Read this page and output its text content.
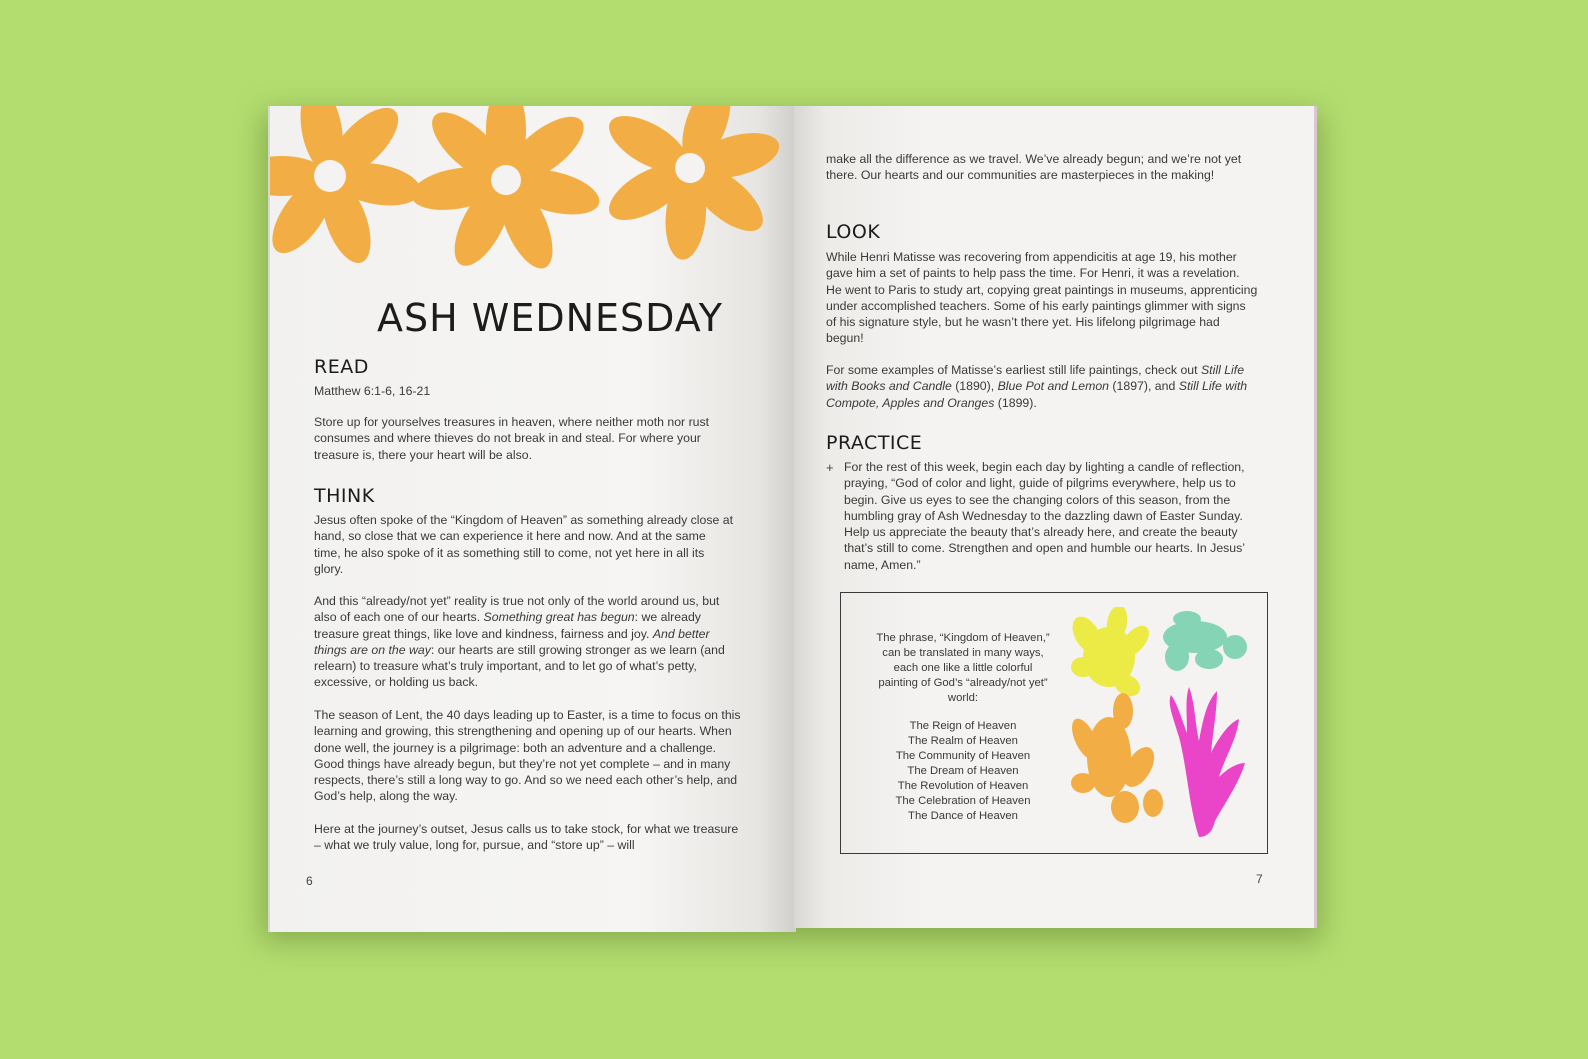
ASH WEDNESDAY
READ

Matthew 6:1-6, 16-21

Store up for yourselves treasures in heaven, where neither moth nor rust consumes and where thieves do not break in and steal. For where your treasure is, there your heart will be also.

THINK

Jesus often spoke of the “Kingdom of Heaven” as something already close at hand, so close that we can experience it here and now. And at the same time, he also spoke of it as something still to come, not yet here in all its glory.

And this “already/not yet” reality is true not only of the world around us, but also of each one of our hearts. Something great has begun: we already treasure great things, like love and kindness, fairness and joy. And better things are on the way: our hearts are still growing stronger as we learn (and relearn) to treasure what’s truly important, and to let go of what’s petty, excessive, or holding us back.

The season of Lent, the 40 days leading up to Easter, is a time to focus on this learning and growing, this strengthening and opening up of our hearts. When done well, the journey is a pilgrimage: both an adventure and a challenge. Good things have already begun, but they’re not yet complete – and in many respects, there’s still a long way to go. And so we need each other’s help, and God’s help, along the way.

Here at the journey’s outset, Jesus calls us to take stock, for what we treasure – what we truly value, long for, pursue, and “store up” – will

6

make all the difference as we travel. We’ve already begun; and we’re not yet there. Our hearts and our communities are masterpieces in the making!

LOOK

While Henri Matisse was recovering from appendicitis at age 19, his mother gave him a set of paints to help pass the time. For Henri, it was a revelation. He went to Paris to study art, copying great paintings in museums, apprenticing under accomplished teachers. Some of his early paintings glimmer with signs of his signature style, but he wasn’t there yet. His lifelong pilgrimage had begun!

For some examples of Matisse’s earliest still life paintings, check out Still Life with Books and Candle (1890), Blue Pot and Lemon (1897), and Still Life with Compote, Apples and Oranges (1899).

PRACTICE
+ For the rest of this week, begin each day by lighting a candle of reflection, praying, “God of color and light, guide of pilgrims everywhere, help us to begin. Give us eyes to see the changing colors of this season, from the humbling gray of Ash Wednesday to the dazzling dawn of Easter Sunday. Help us appreciate the beauty that’s already here, and create the beauty that’s still to come. Strengthen and open and humble our hearts. In Jesus’ name, Amen.”

The phrase, “Kingdom of Heaven,” can be translated in many ways, each one like a little colorful painting of God’s “already/not yet” world:

The Reign of Heaven
The Realm of Heaven
The Community of Heaven
The Dream of Heaven
The Revolution of Heaven
The Celebration of Heaven
The Dance of Heaven
7
